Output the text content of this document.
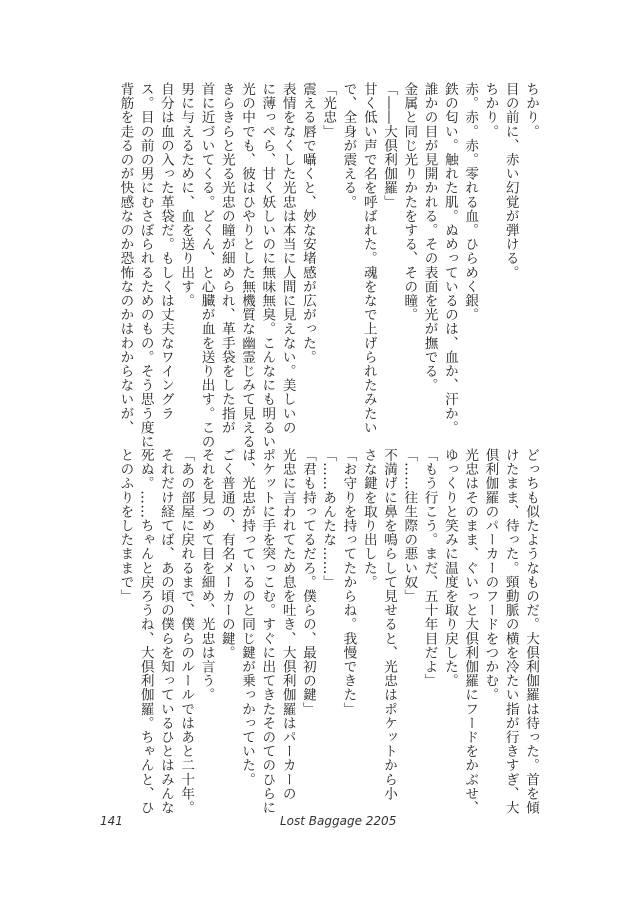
ちかり。

目の前に、赤い幻覚が弾ける。

ちかり。

赤。赤。赤。零れる血。ひらめく銀。

鉄の匂い。触れた肌。ぬめっているのは、血か、汗か。

誰かの目が見開かれる。その表面を光が撫でる。

金属と同じ光りかたをする、その瞳。

「――大倶利伽羅」

甘く低い声で名を呼ばれた。魂をなで上げられたみたい

で、全身が震える。

「光忠」

震える唇で囁くと、妙な安堵感が広がった。

表情をなくした光忠は本当に人間に見えない。美しいの

に薄っぺら、甘く妖しいのに無味無臭。こんなにも明るい

光の中でも、彼はひやりとした無機質な幽霊じみて見える。

きらきらと光る光忠の瞳が細められ、革手袋をした指が

首に近づいてくる。どくん、と心臓が血を送り出す。この

男に与えるために、血を送り出す。

自分は血の入った革袋だ。もしくは丈夫なワイングラ

ス。目の前の男にむさぼられるためのもの。そう思う度に

背筋を走るのが快感なのか恐怖なのかはわからないが、

どっちも似たようなものだ。大倶利伽羅は待った。首を傾

けたまま、待った。頸動脈の横を冷たい指が行きすぎ、大

倶利伽羅のパーカーのフードをつかむ。

光忠はそのまま、ぐいっと大倶利伽羅にフードをかぶせ、

ゆっくりと笑みに温度を取り戻した。

「もう行こう。まだ、五十年目だよ」

「……往生際の悪い奴」

不満げに鼻を鳴らして見せると、光忠はポケットから小

さな鍵を取り出した。

「お守りを持ってたからね。我慢できた」

「……あんたな……」

「君も持ってるだろ。僕らの、最初の鍵」

光忠に言われてため息を吐き、大倶利伽羅はパーカーの

ポケットに手を突っこむ。すぐに出てきたそのてのひらに

は、光忠が持っているのと同じ鍵が乗っかっていた。

ごく普通の、有名メーカーの鍵。

それを見つめて目を細め、光忠は言う。

「あの部屋に戻れるまで、僕らのルールではあと二十年。

それだけ経てば、あの頃の僕らを知っているひとはみんな

死ぬ。……ちゃんと戻ろうね、大倶利伽羅。ちゃんと、ひ

とのふりをしたままで」

141	Lost Baggage 2205
